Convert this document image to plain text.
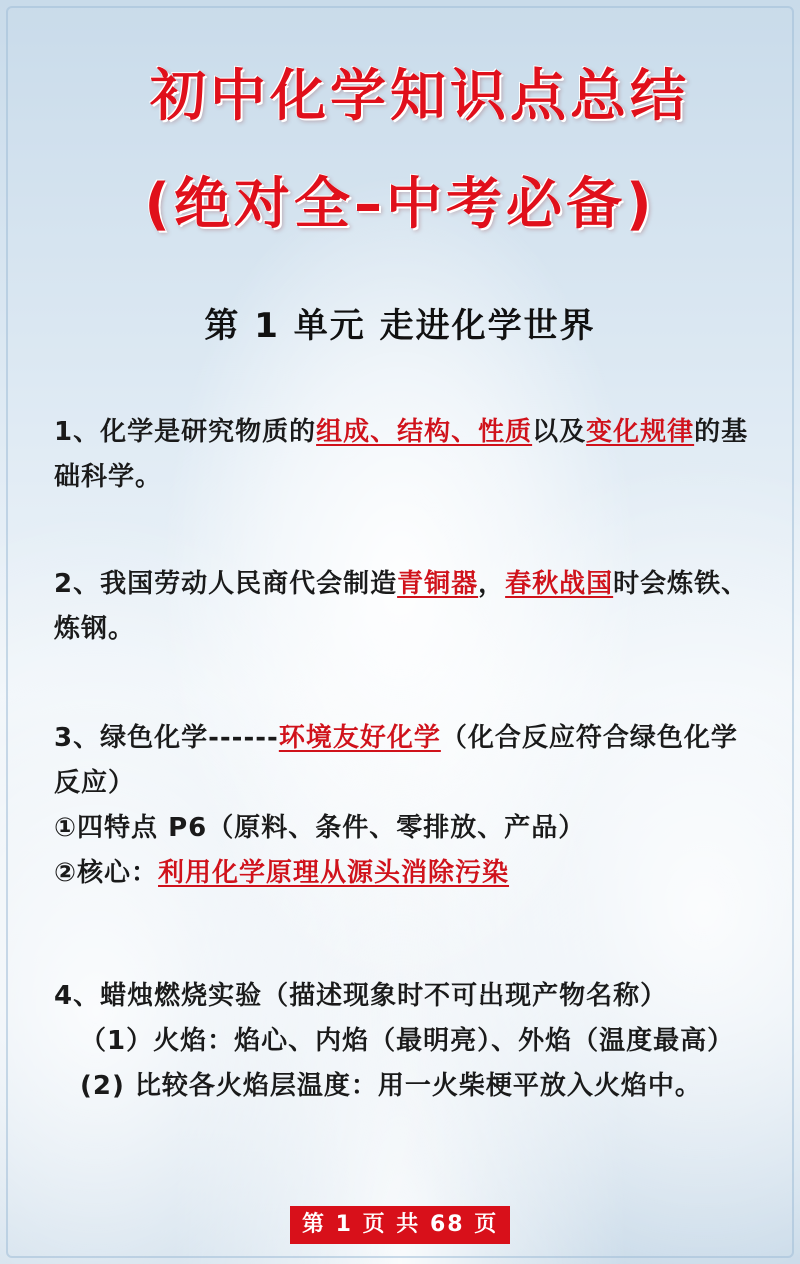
初中化学知识点总结
(绝对全–中考必备)
第 1 单元 走进化学世界

1、化学是研究物质的组成、结构、性质以及变化规律的基础科学。

2、我国劳动人民商代会制造青铜器，春秋战国时会炼铁、炼钢。

3、绿色化学------环境友好化学（化合反应符合绿色化学反应）
①四特点 P6（原料、条件、零排放、产品）
②核心：利用化学原理从源头消除污染
4、蜡烛燃烧实验（描述现象时不可出现产物名称）
（1）火焰：焰心、内焰（最明亮）、外焰（温度最高）
(2) 比较各火焰层温度：用一火柴梗平放入火焰中。
第 1 页 共 68 页
